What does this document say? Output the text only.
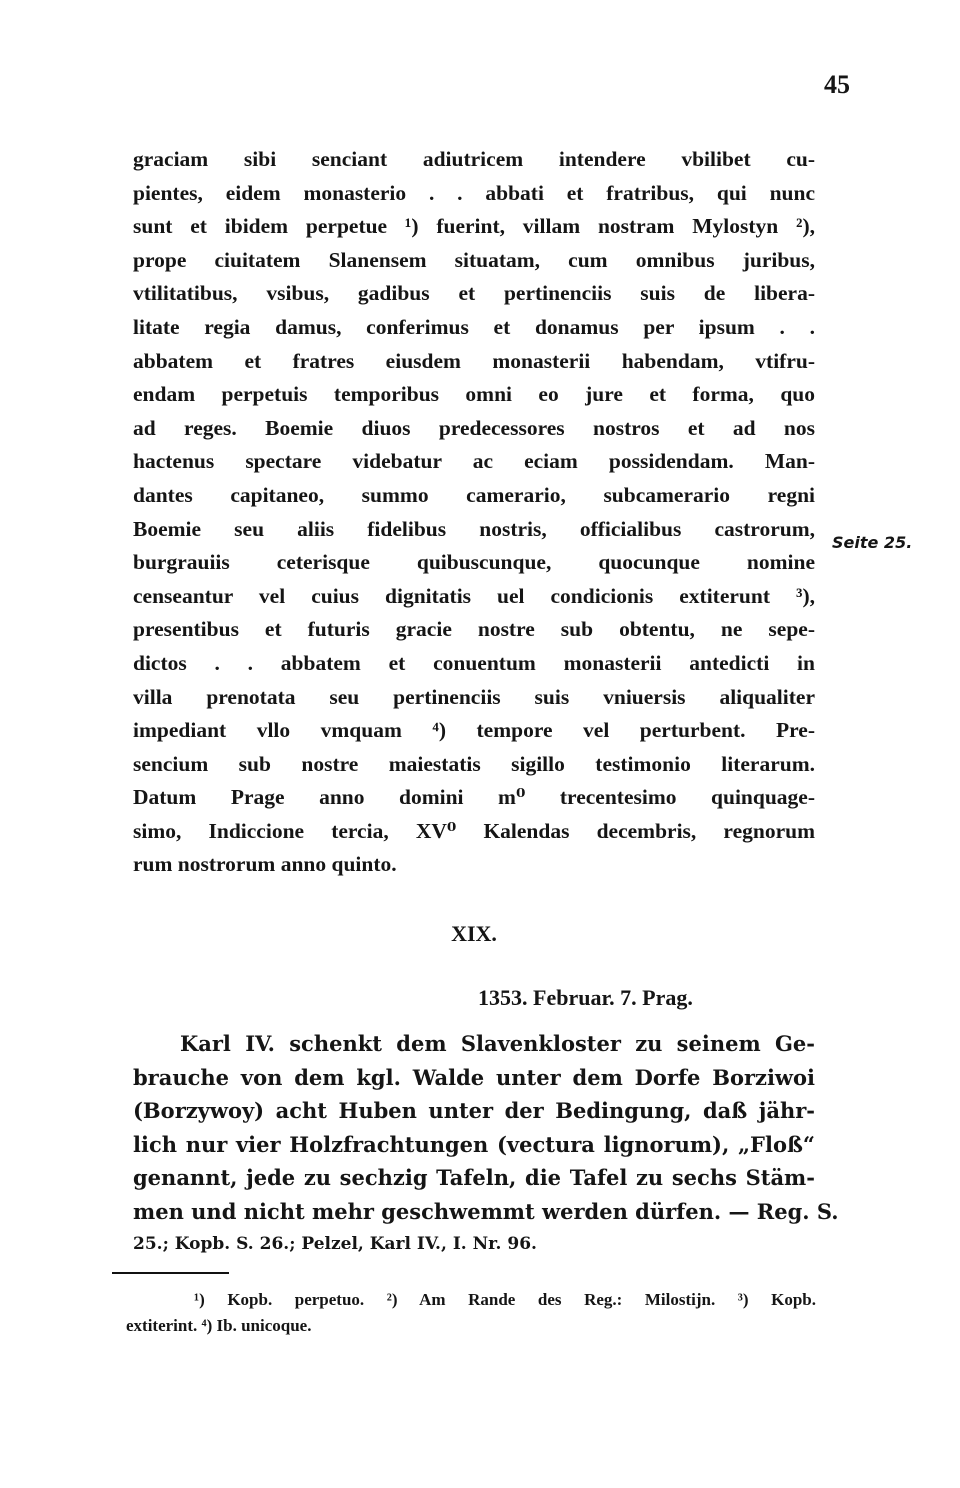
45
graciam sibi senciant adiutricem intendere vbilibet cu-
pientes, eidem monasterio . . abbati et fratribus, qui nunc
sunt et ibidem perpetue ¹) fuerint, villam nostram Mylostyn ²),
prope ciuitatem Slanensem situatam, cum omnibus juribus,
vtilitatibus, vsibus, gadibus et pertinenciis suis de libera-
litate regia damus, conferimus et donamus per ipsum . .
abbatem et fratres eiusdem monasterii habendam, vtifru-
endam perpetuis temporibus omni eo jure et forma, quo
ad reges. Boemie diuos predecessores nostros et ad nos
hactenus spectare videbatur ac eciam possidendam. Man-
dantes capitaneo, summo camerario, subcamerario regni
Boemie seu aliis fidelibus nostris, officialibus castrorum,
burgrauiis ceterisque quibuscunque, quocunque nomine
censeantur vel cuius dignitatis uel condicionis extiterunt ³),
presentibus et futuris gracie nostre sub obtentu, ne sepe-
dictos . . abbatem et conuentum monasterii antedicti in
villa prenotata seu pertinenciis suis vniuersis aliqualiter
impediant vllo vmquam ⁴) tempore vel perturbent. Pre-
sencium sub nostre maiestatis sigillo testimonio literarum.
Datum Prage anno domini m⁰ trecentesimo quinquage-
simo, Indiccione tercia, XV⁰ Kalendas decembris, regnorum
rum nostrorum anno quinto.
Seite 25.
XIX.
1353. Februar. 7. Prag.
Karl IV. schenkt dem Slavenkloster zu seinem Ge-
brauche von dem kgl. Walde unter dem Dorfe Borziwoi
(Borzywoy) acht Huben unter der Bedingung, daß jähr-
lich nur vier Holzfrachtungen (vectura lignorum), „Floß“
genannt, jede zu sechzig Tafeln, die Tafel zu sechs Stäm-
men und nicht mehr geschwemmt werden dürfen. — Reg. S.
25.; Kopb. S. 26.; Pelzel, Karl IV., I. Nr. 96.
¹) Kopb. perpetuo. ²) Am Rande des Reg.: Milostijn. ³) Kopb.
extiterint. ⁴) Ib. unicoque.
